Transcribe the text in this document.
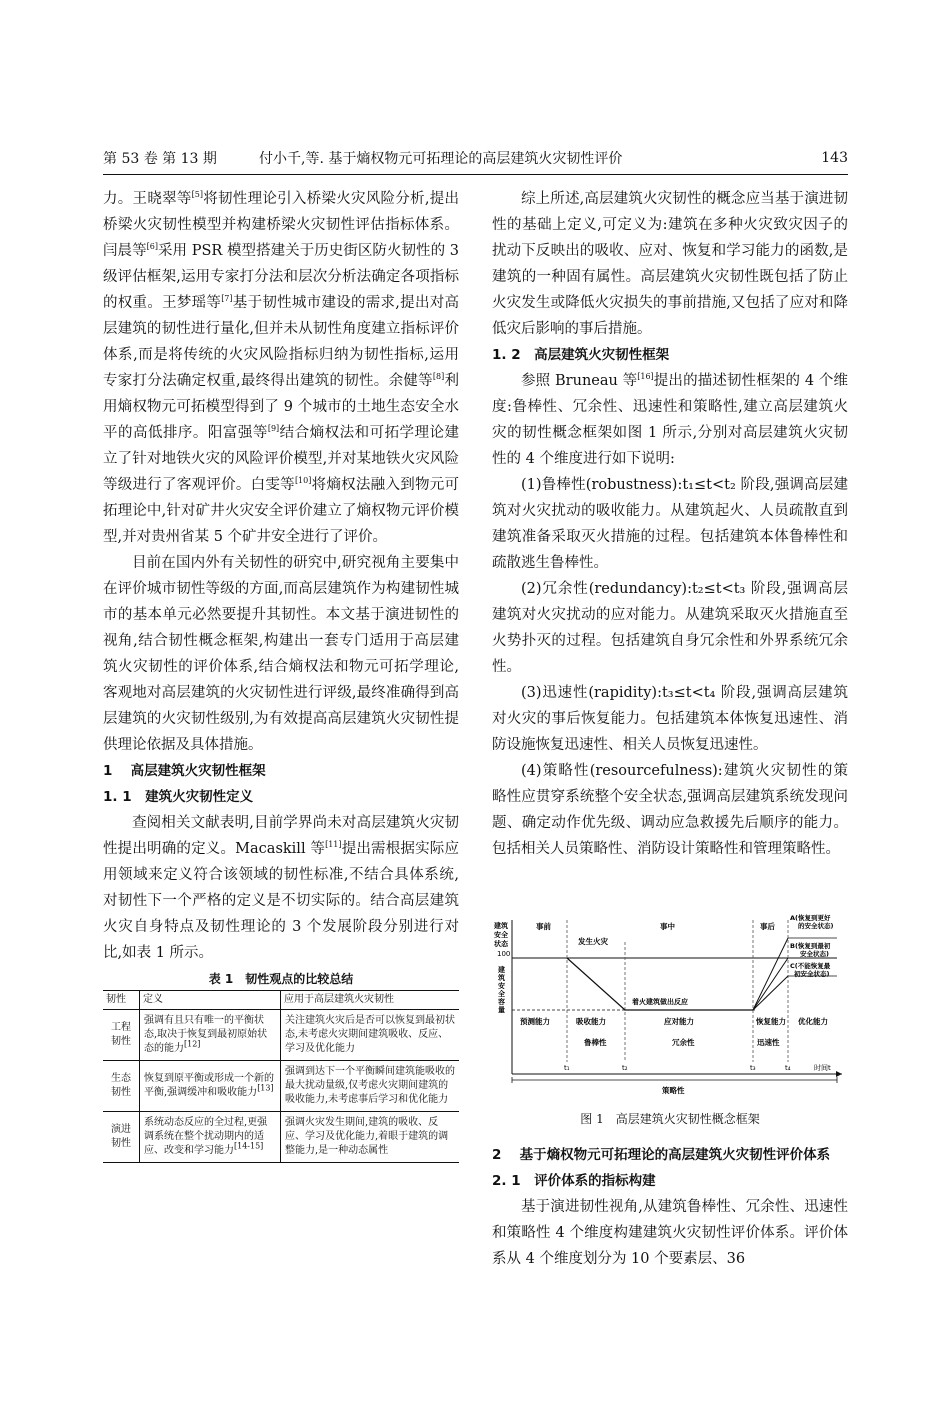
第 53 卷 第 13 期	付小千,等. 基于熵权物元可拓理论的高层建筑火灾韧性评价	143

力。王晓翠等[5]将韧性理论引入桥梁火灾风险分析,提出桥梁火灾韧性模型并构建桥梁火灾韧性评估指标体系。闫晨等[6]采用 PSR 模型搭建关于历史街区防火韧性的 3 级评估框架,运用专家打分法和层次分析法确定各项指标的权重。王梦瑶等[7]基于韧性城市建设的需求,提出对高层建筑的韧性进行量化,但并未从韧性角度建立指标评价体系,而是将传统的火灾风险指标归纳为韧性指标,运用专家打分法确定权重,最终得出建筑的韧性。余健等[8]利用熵权物元可拓模型得到了 9 个城市的土地生态安全水平的高低排序。阳富强等[9]结合熵权法和可拓学理论建立了针对地铁火灾的风险评价模型,并对某地铁火灾风险等级进行了客观评价。白雯等[10]将熵权法融入到物元可拓理论中,针对矿井火灾安全评价建立了熵权物元评价模型,并对贵州省某 5 个矿井安全进行了评价。

目前在国内外有关韧性的研究中,研究视角主要集中在评价城市韧性等级的方面,而高层建筑作为构建韧性城市的基本单元必然要提升其韧性。本文基于演进韧性的视角,结合韧性概念框架,构建出一套专门适用于高层建筑火灾韧性的评价体系,结合熵权法和物元可拓学理论,客观地对高层建筑的火灾韧性进行评级,最终准确得到高层建筑的火灾韧性级别,为有效提高高层建筑火灾韧性提供理论依据及具体措施。

1　 高层建筑火灾韧性框架
1. 1　建筑火灾韧性定义

查阅相关文献表明,目前学界尚未对高层建筑火灾韧性提出明确的定义。Macaskill 等[11]提出需根据实际应用领域来定义符合该领域的韧性标准,不结合具体系统,对韧性下一个严格的定义是不切实际的。结合高层建筑火灾自身特点及韧性理论的 3 个发展阶段分别进行对比,如表 1 所示。

表 1　韧性观点的比较总结
韧性	定义	应用于高层建筑火灾韧性
工程韧性	强调有且只有唯一的平衡状态,取决于恢复到最初原始状态的能力[12]	关注建筑火灾后是否可以恢复到最初状态,未考虑火灾期间建筑吸收、反应、学习及优化能力
生态韧性	恢复到原平衡或形成一个新的平衡,强调缓冲和吸收能力[13]	强调到达下一个平衡瞬间建筑能吸收的最大扰动量级,仅考虑火灾期间建筑的吸收能力,未考虑事后学习和优化能力
演进韧性	系统动态反应的全过程,更强调系统在整个扰动期内的适应、改变和学习能力[14-15]	强调火灾发生期间,建筑的吸收、反应、学习及优化能力,着眼于建筑的调整能力,是一种动态属性

综上所述,高层建筑火灾韧性的概念应当基于演进韧性的基础上定义,可定义为:建筑在多种火灾致灾因子的扰动下反映出的吸收、应对、恢复和学习能力的函数,是建筑的一种固有属性。高层建筑火灾韧性既包括了防止火灾发生或降低火灾损失的事前措施,又包括了应对和降低灾后影响的事后措施。

1. 2　高层建筑火灾韧性框架

参照 Bruneau 等[16]提出的描述韧性框架的 4 个维度:鲁棒性、冗余性、迅速性和策略性,建立高层建筑火灾的韧性概念框架如图 1 所示,分别对高层建筑火灾韧性的 4 个维度进行如下说明:

(1)鲁棒性(robustness):t₁≤t<t₂ 阶段,强调高层建筑对火灾扰动的吸收能力。从建筑起火、人员疏散直到建筑准备采取灭火措施的过程。包括建筑本体鲁棒性和疏散逃生鲁棒性。

(2)冗余性(redundancy):t₂≤t<t₃ 阶段,强调高层建筑对火灾扰动的应对能力。从建筑采取灭火措施直至火势扑灭的过程。包括建筑自身冗余性和外界系统冗余性。

(3)迅速性(rapidity):t₃≤t<t₄ 阶段,强调高层建筑对火灾的事后恢复能力。包括建筑本体恢复迅速性、消防设施恢复迅速性、相关人员恢复迅速性。

(4)策略性(resourcefulness):建筑火灾韧性的策略性应贯穿系统整个安全状态,强调高层建筑系统发现问题、确定动作优先级、调动应急救援先后顺序的能力。包括相关人员策略性、消防设计策略性和管理策略性。

建筑
安全
状态
100
建
筑
安
全
容
量
事前	事中	事后
发生火灾
着火建筑做出反应
A(恢复到更好
的安全状态)
B(恢复到最初
安全状态)
C(不能恢复最
初安全状态)
预测能力	吸收能力	应对能力	恢复能力 优化能力
鲁棒性	冗余性	迅速性
t₁	t₂	t₃	t₄	时间t
策略性
图 1　高层建筑火灾韧性概念框架
2　 基于熵权物元可拓理论的高层建筑火灾韧性评价体系
2. 1　评价体系的指标构建

基于演进韧性视角,从建筑鲁棒性、冗余性、迅速性和策略性 4 个维度构建建筑火灾韧性评价体系。评价体系从 4 个维度划分为 10 个要素层、36
